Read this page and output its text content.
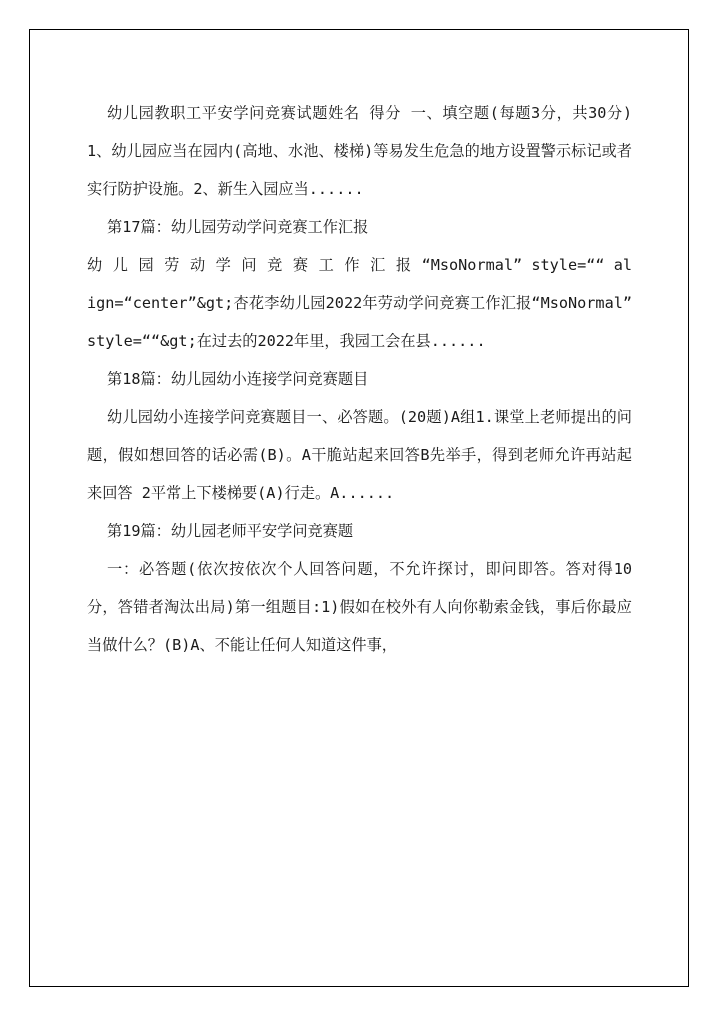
幼儿园教职工平安学问竞赛试题姓名 得分 一、填空题(每题3分，共30分)1、幼儿园应当在园内(高地、水池、楼梯)等易发生危急的地方设置警示标记或者实行防护设施。2、新生入园应当......

第17篇：幼儿园劳动学问竞赛工作汇报

幼儿园劳动学问竞赛工作汇报“MsoNormal” style=““ align=“center”&gt;杏花李幼儿园2022年劳动学问竞赛工作汇报“MsoNormal” style=““&gt;在过去的2022年里，我园工会在县......

第18篇：幼儿园幼小连接学问竞赛题目

幼儿园幼小连接学问竞赛题目一、必答题。(20题)A组1.课堂上老师提出的问题，假如想回答的话必需(B)。A干脆站起来回答B先举手，得到老师允许再站起来回答 2平常上下楼梯要(A)行走。A......

第19篇：幼儿园老师平安学问竞赛题

一：必答题(依次按依次个人回答问题，不允许探讨，即问即答。答对得10分，答错者淘汰出局)第一组题目:1)假如在校外有人向你勒索金钱，事后你最应当做什么？(B)A、不能让任何人知道这件事，
